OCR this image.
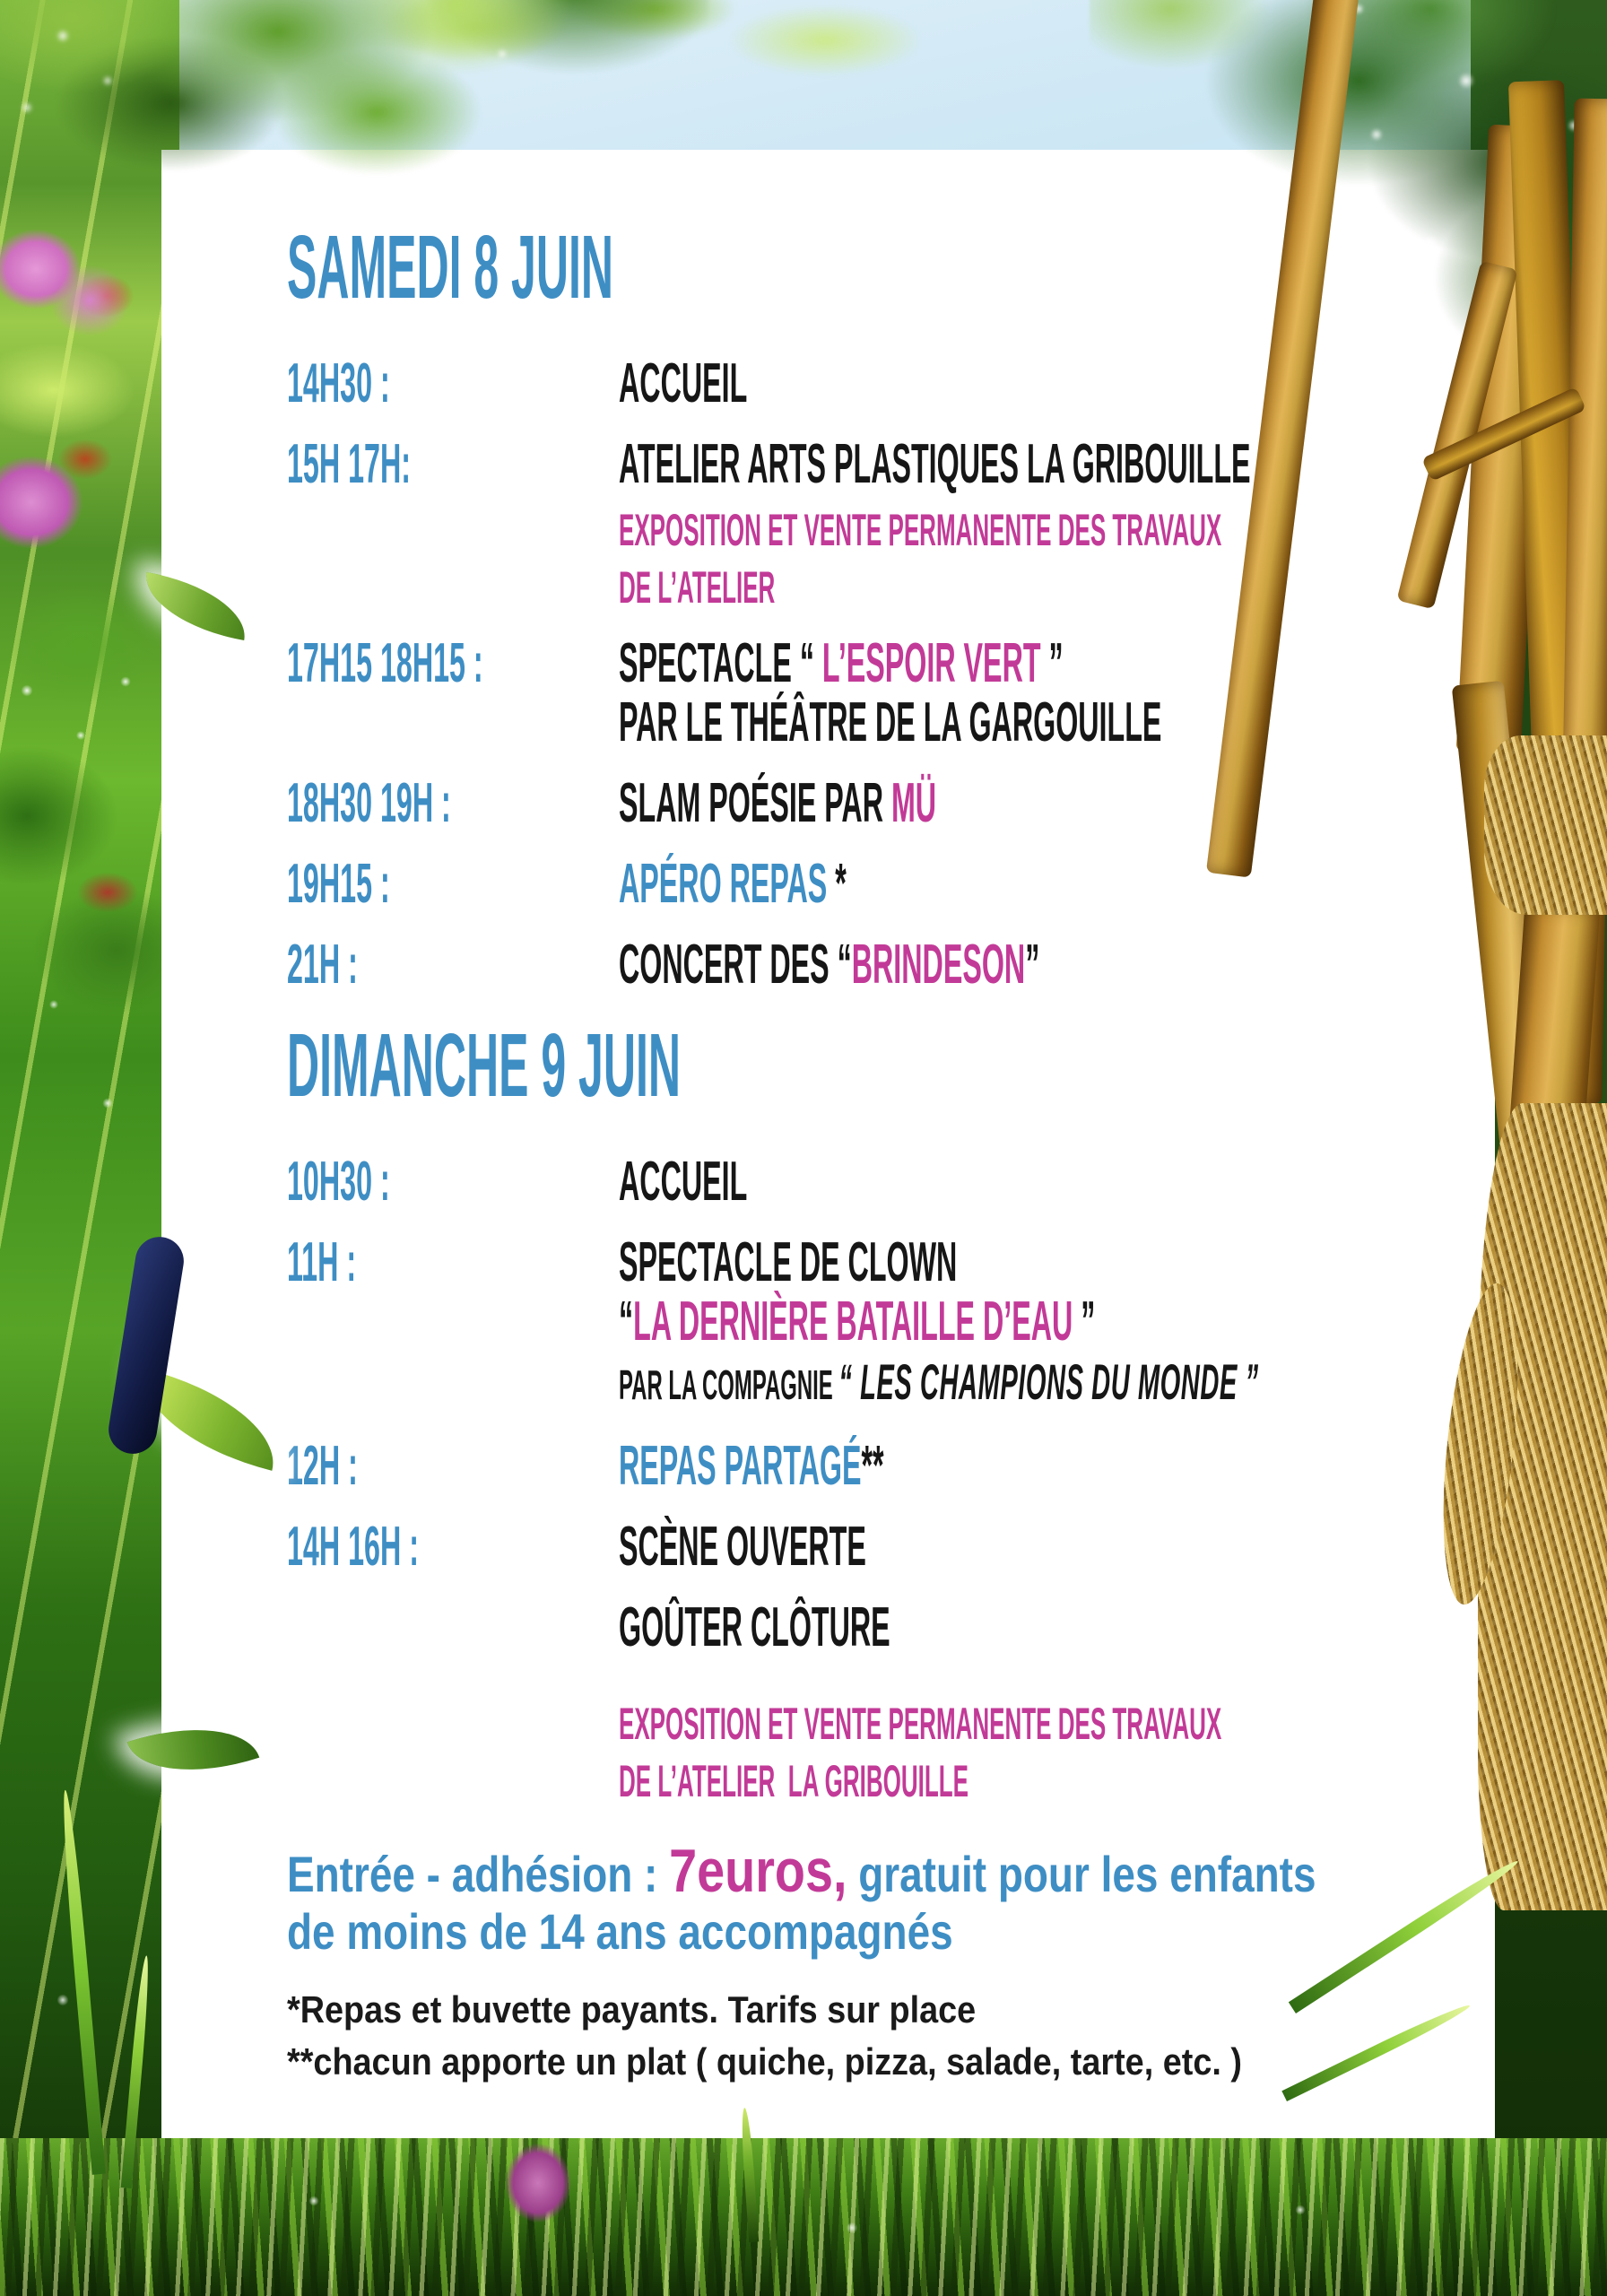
SAMEDI 8 JUIN
14H30 :	ACCUEIL
15H 17H:	ATELIER ARTS PLASTIQUES LA GRIBOUILLE
EXPOSITION ET VENTE PERMANENTE DES TRAVAUX
DE L’ATELIER
17H15 18H15 :	SPECTACLE “ L’ESPOIR VERT ”
PAR LE THÉÂTRE DE LA GARGOUILLE
18H30 19H :	SLAM POÉSIE PAR MÜ
19H15 :	APÉRO REPAS *
21H :	CONCERT DES “BRINDESON”
DIMANCHE 9 JUIN
10H30 :	ACCUEIL
11H :	SPECTACLE DE CLOWN
“LA DERNIÈRE BATAILLE D’EAU ”
PAR LA COMPAGNIE “ LES CHAMPIONS DU MONDE ”
12H :	REPAS PARTAGÉ**
14H 16H :	SCÈNE OUVERTE
GOÛTER CLÔTURE
EXPOSITION ET VENTE PERMANENTE DES TRAVAUX
DE L’ATELIER  LA GRIBOUILLE
Entrée - adhésion : 7euros, gratuit pour les enfants
de moins de 14 ans accompagnés
*Repas et buvette payants. Tarifs sur place
**chacun apporte un plat ( quiche, pizza, salade, tarte, etc. )
